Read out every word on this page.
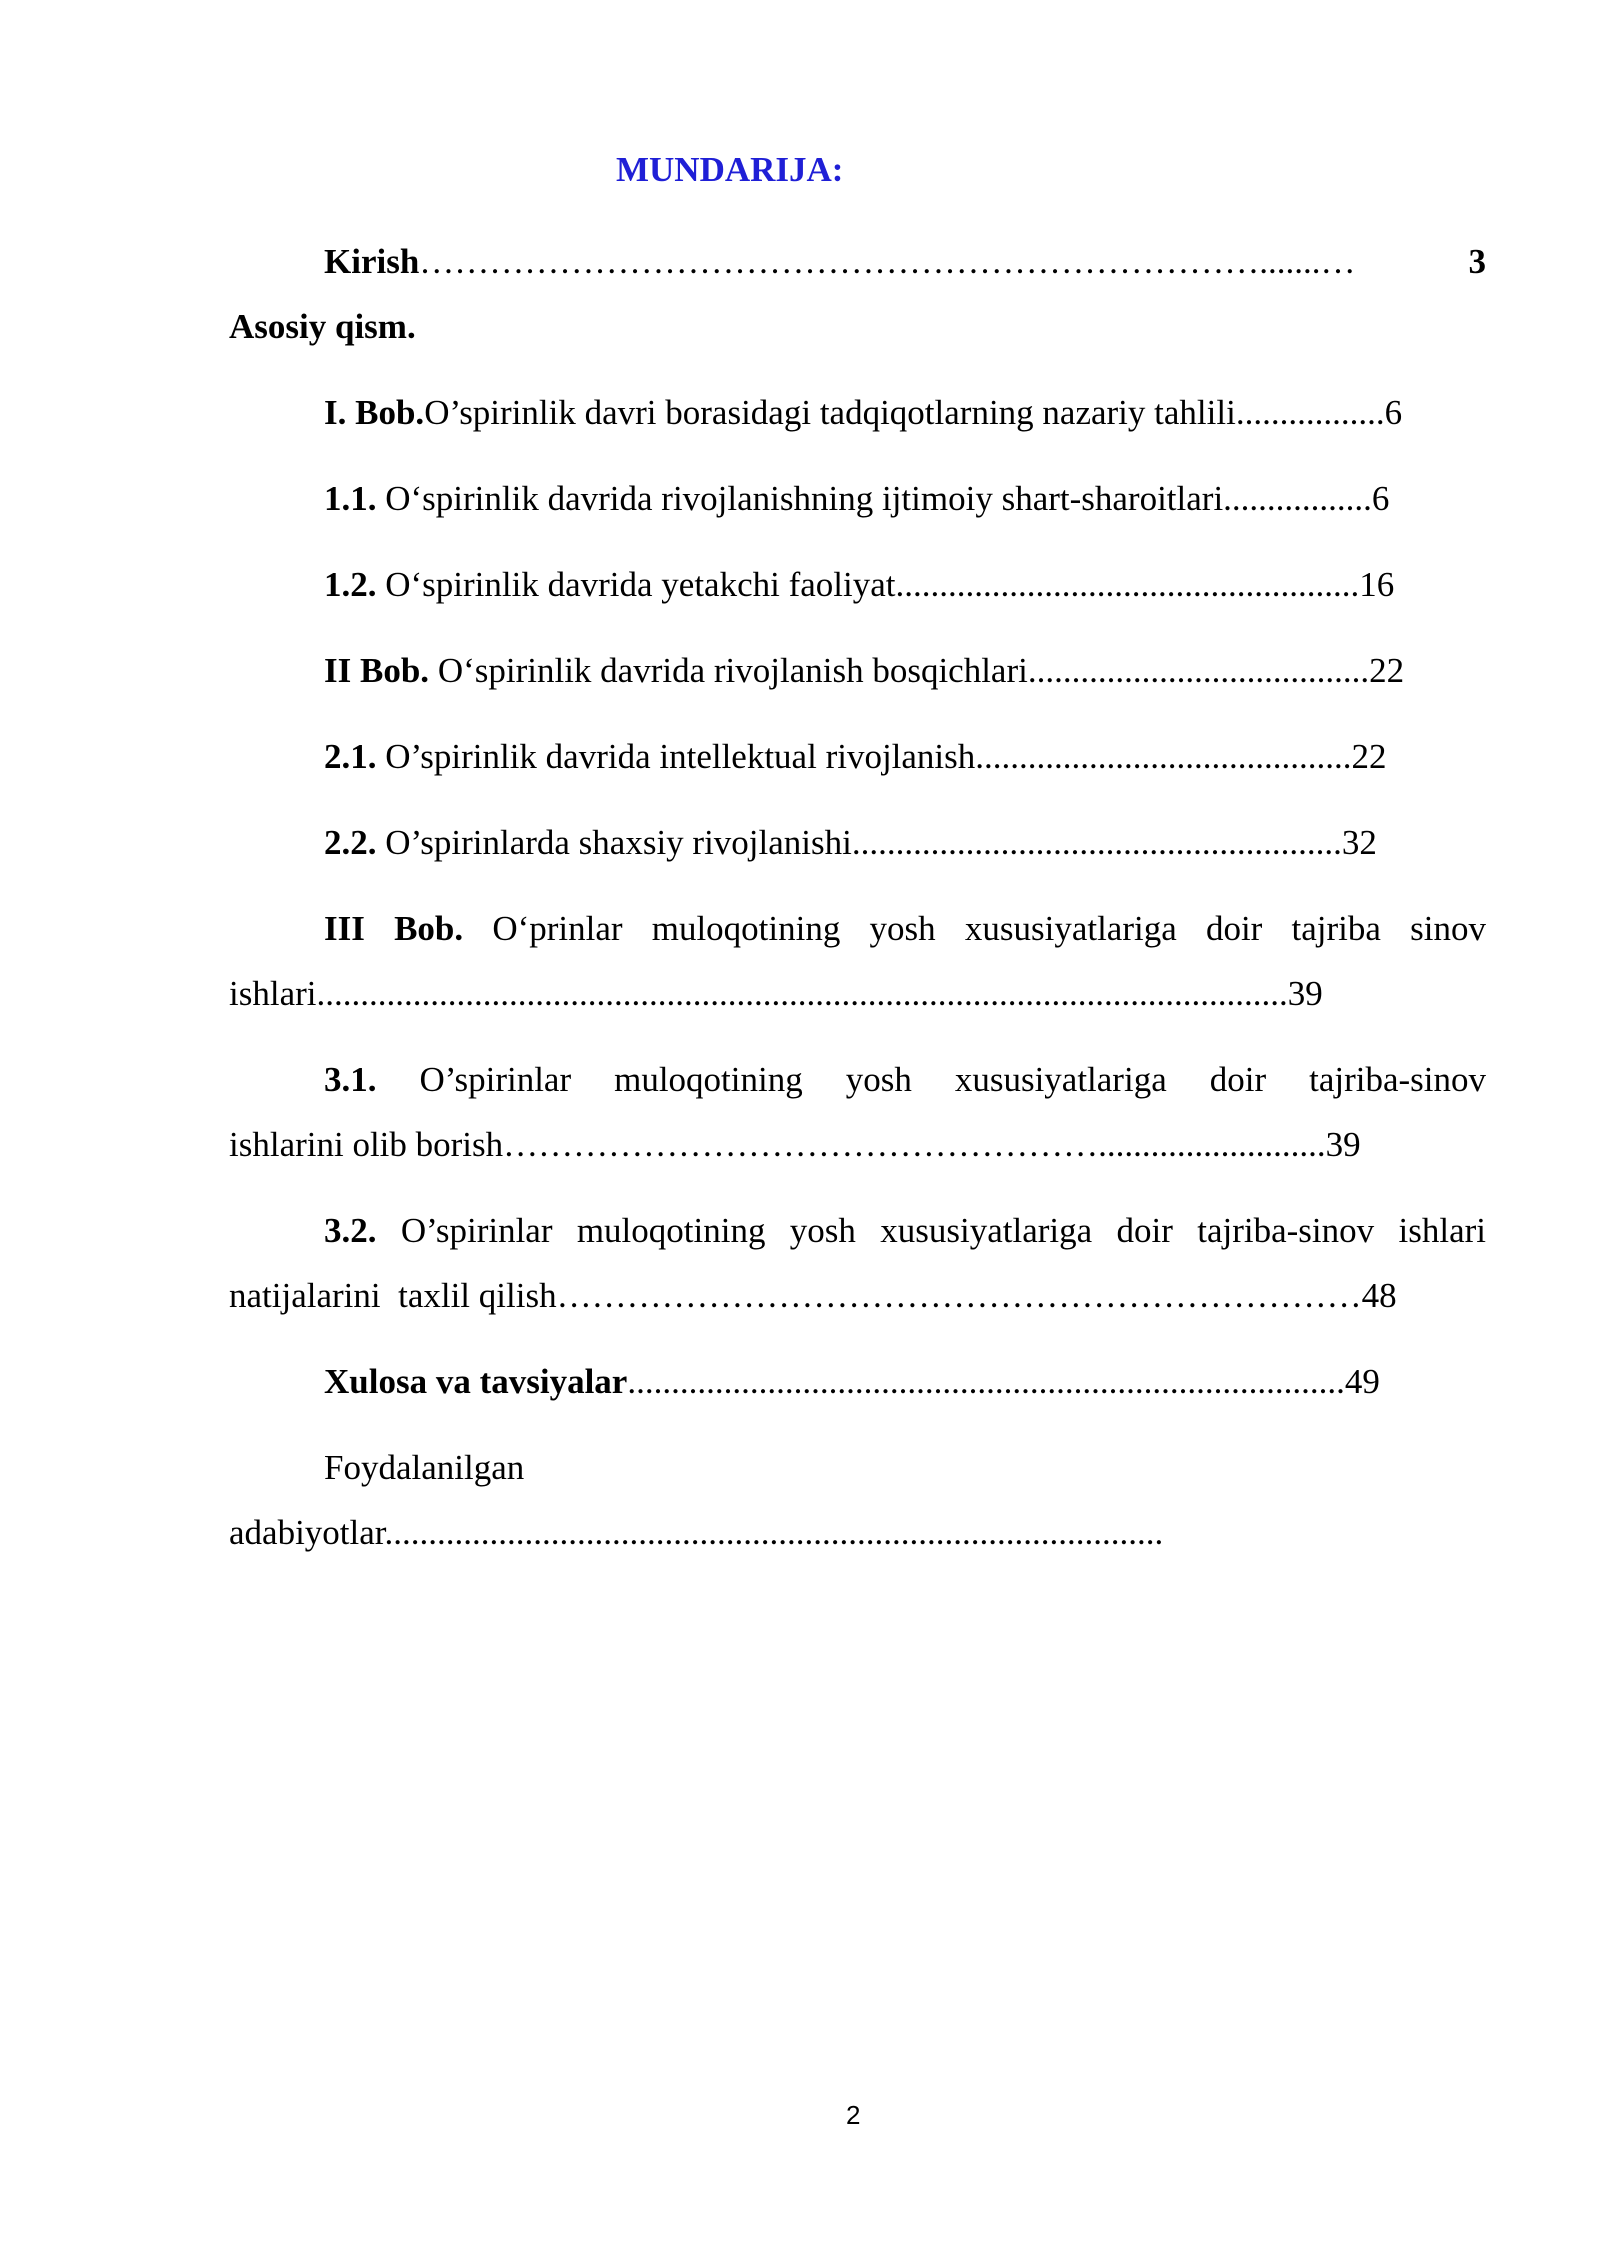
MUNDARIJA:
Kirish……………………………………………………………….......…	3
Asosiy qism.
I. Bob.O’spirinlik davri borasidagi tadqiqotlarning nazariy tahlili.................6
1.1. O‘spirinlik davrida rivojlanishning ijtimoiy shart-sharoitlari.................6
1.2. O‘spirinlik davrida yetakchi faoliyat.....................................................16
II Bob. O‘spirinlik davrida rivojlanish bosqichlari.......................................22
2.1. O’spirinlik davrida intellektual rivojlanish...........................................22
2.2. O’spirinlarda shaxsiy rivojlanishi........................................................32
III Bob. O‘prinlar muloqotining yosh xususiyatlariga doir tajriba sinov
ishlari...............................................................................................................39
3.1. O’spirinlar muloqotining yosh xususiyatlariga doir tajriba-sinov
ishlarini olib borish……………………………………………..........................39
3.2. O’spirinlar muloqotining yosh xususiyatlariga doir tajriba-sinov ishlari
natijalarini  taxlil qilish……………………………………………………………48
Xulosa va tavsiyalar..................................................................................49
Foydalanilgan
adabiyotlar.........................................................................................
2
